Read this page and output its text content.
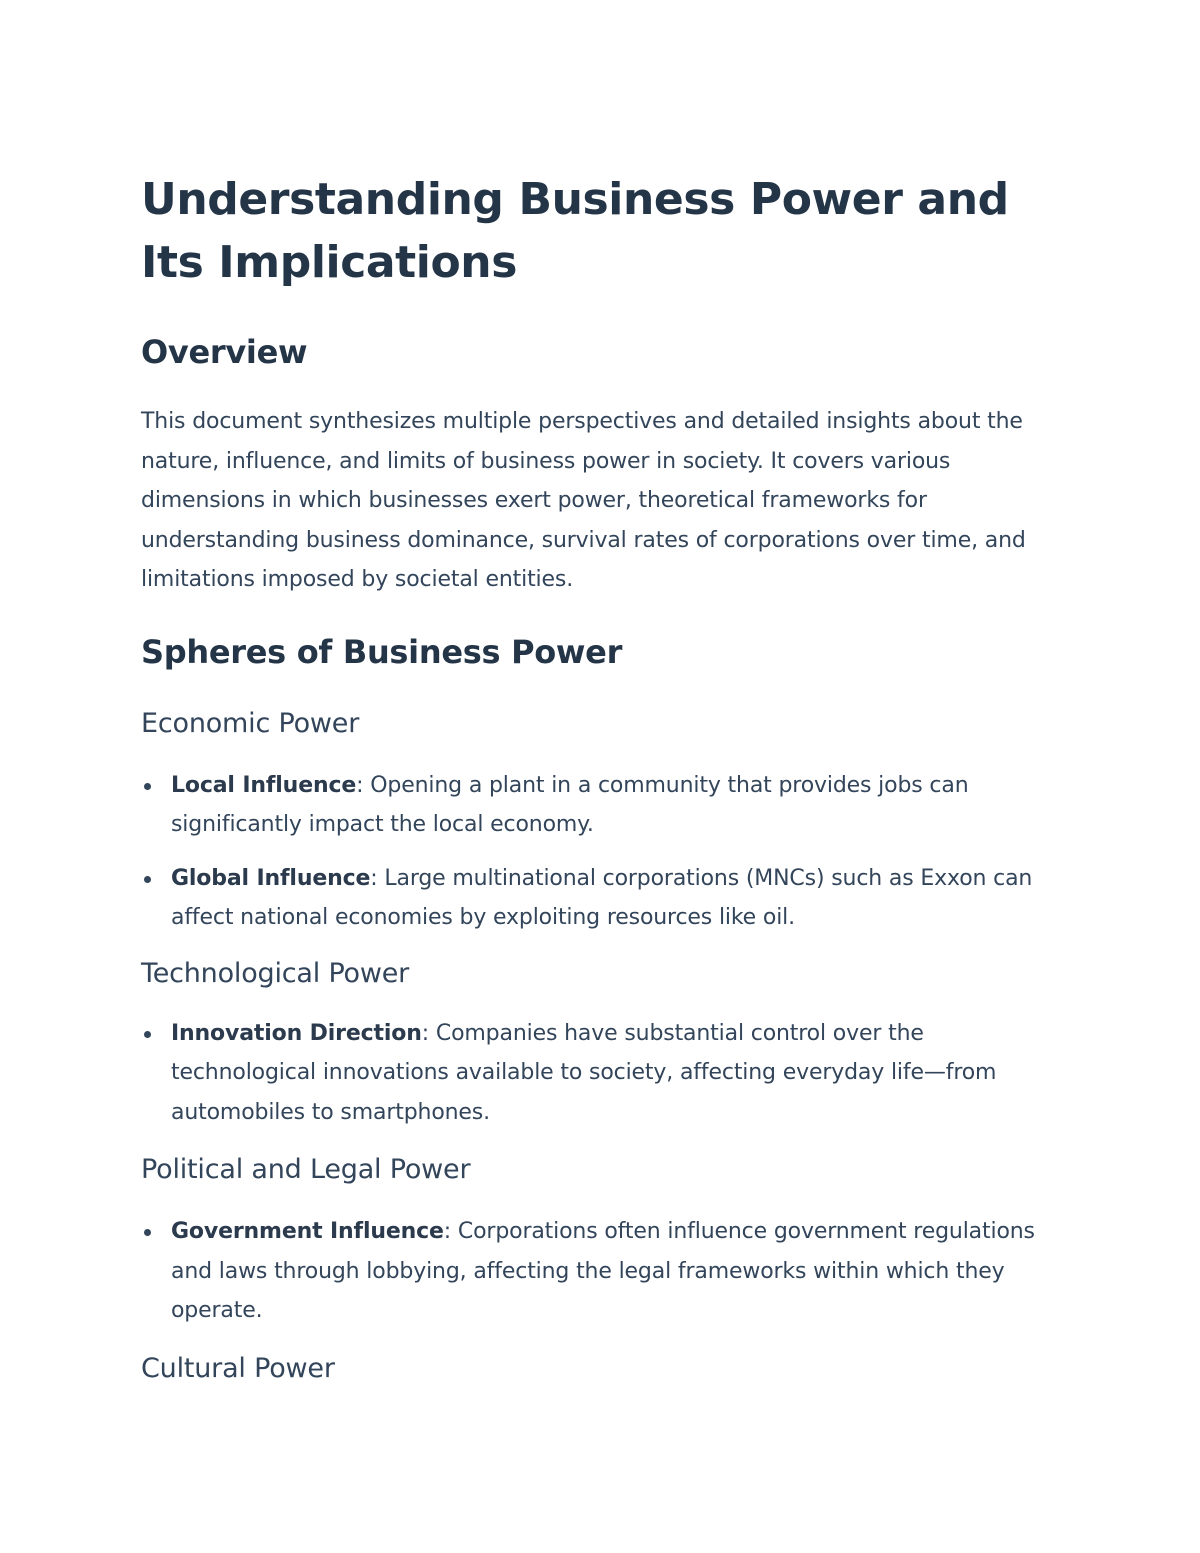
Understanding Business Power and Its Implications
Overview

This document synthesizes multiple perspectives and detailed insights about the nature, influence, and limits of business power in society. It covers various dimensions in which businesses exert power, theoretical frameworks for understanding business dominance, survival rates of corporations over time, and limitations imposed by societal entities.

Spheres of Business Power
Economic Power
Local Influence: Opening a plant in a community that provides jobs can significantly impact the local economy.
Global Influence: Large multinational corporations (MNCs) such as Exxon can affect national economies by exploiting resources like oil.
Technological Power
Innovation Direction: Companies have substantial control over the technological innovations available to society, affecting everyday life—from automobiles to smartphones.
Political and Legal Power
Government Influence: Corporations often influence government regulations and laws through lobbying, affecting the legal frameworks within which they operate.
Cultural Power
